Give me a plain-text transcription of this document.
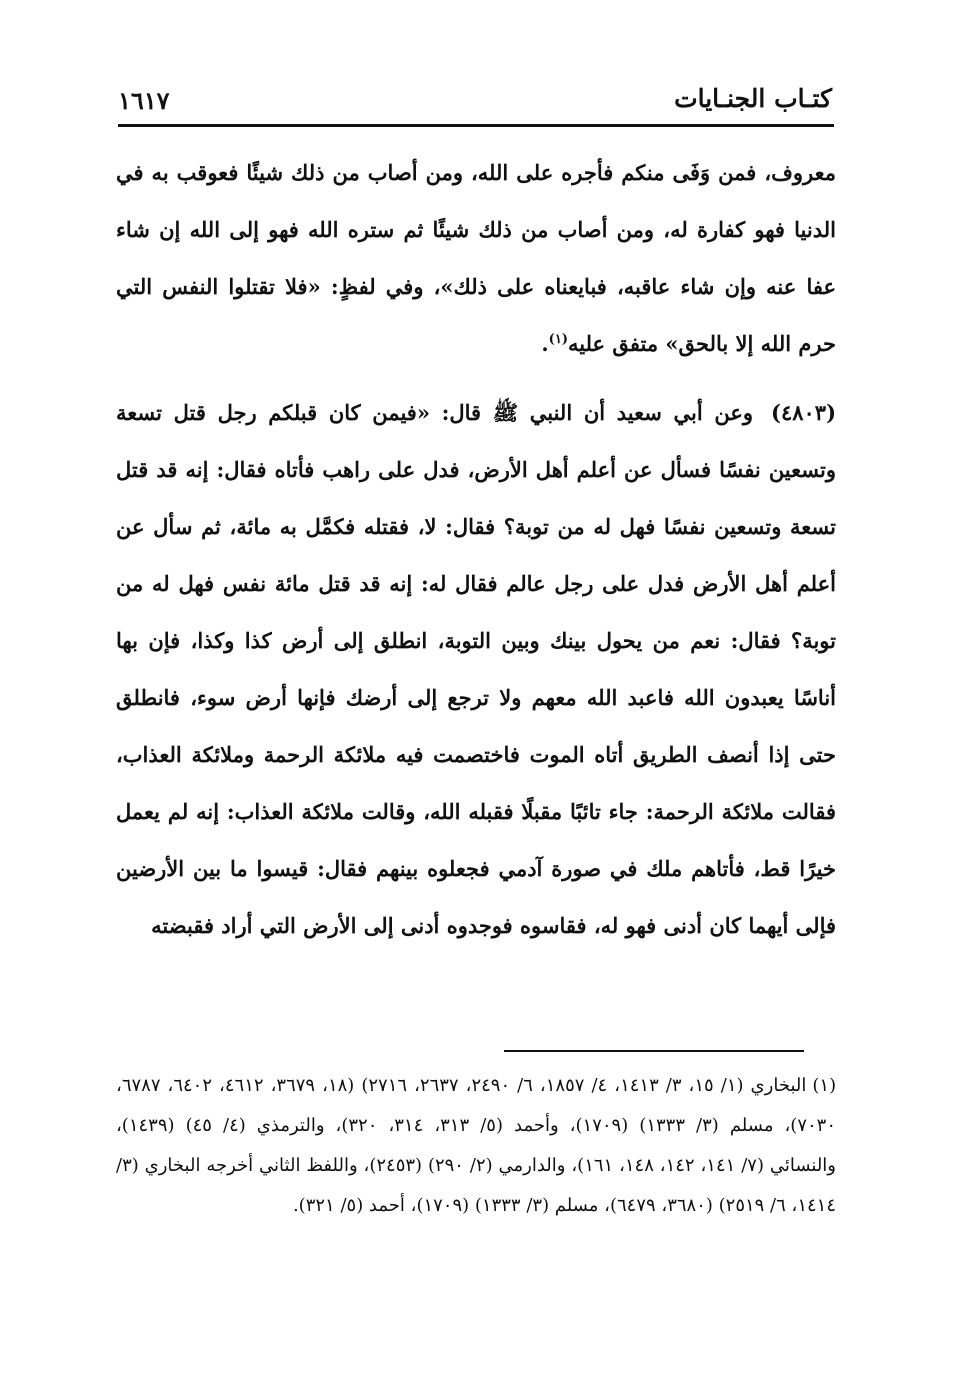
كتـاب الجنـايات
١٦١٧

معروف، فمن وَفَى منكم فأجره على الله، ومن أصاب من ذلك شيئًا فعوقب به في الدنيا فهو كفارة له، ومن أصاب من ذلك شيئًا ثم ستره الله فهو إلى الله إن شاء عفا عنه وإن شاء عاقبه، فبايعناه على ذلك»، وفي لفظٍ: «فلا تقتلوا النفس التي حرم الله إلا بالحق» متفق عليه$^{(١)}$.

(٤٨٠٣)وعن أبي سعيد أن النبي ﷺ قال: «فيمن كان قبلكم رجل قتل تسعة وتسعين نفسًا فسأل عن أعلم أهل الأرض، فدل على راهب فأتاه فقال: إنه قد قتل تسعة وتسعين نفسًا فهل له من توبة؟ فقال: لا، فقتله فكمَّل به مائة، ثم سأل عن أعلم أهل الأرض فدل على رجل عالم فقال له: إنه قد قتل مائة نفس فهل له من توبة؟ فقال: نعم من يحول بينك وبين التوبة، انطلق إلى أرض كذا وكذا، فإن بها أناسًا يعبدون الله فاعبد الله معهم ولا ترجع إلى أرضك فإنها أرض سوء، فانطلق حتى إذا أنصف الطريق أتاه الموت فاختصمت فيه ملائكة الرحمة وملائكة العذاب، فقالت ملائكة الرحمة: جاء تائبًا مقبلًا فقبله الله، وقالت ملائكة العذاب: إنه لم يعمل خيرًا قط، فأتاهم ملك في صورة آدمي فجعلوه بينهم فقال: قيسوا ما بين الأرضين فإلى أيهما كان أدنى فهو له، فقاسوه فوجدوه أدنى إلى الأرض التي أراد فقبضته

(١)البخاري (١/ ١٥، ٣/ ١٤١٣، ٤/ ١٨٥٧، ٦/ ٢٤٩٠، ٢٦٣٧، ٢٧١٦) (١٨، ٣٦٧٩، ٤٦١٢، ٦٤٠٢، ٦٧٨٧، ٧٠٣٠)، مسلم (٣/ ١٣٣٣) (١٧٠٩)، وأحمد (٥/ ٣١٣، ٣١٤، ٣٢٠)، والترمذي (٤/ ٤٥) (١٤٣٩)، والنسائي (٧/ ١٤١، ١٤٢، ١٤٨، ١٦١)، والدارمي (٢/ ٢٩٠) (٢٤٥٣)، واللفظ الثاني أخرجه البخاري (٣/ ١٤١٤، ٦/ ٢٥١٩) (٣٦٨٠، ٦٤٧٩)، مسلم (٣/ ١٣٣٣) (١٧٠٩)، أحمد (٥/ ٣٢١).
